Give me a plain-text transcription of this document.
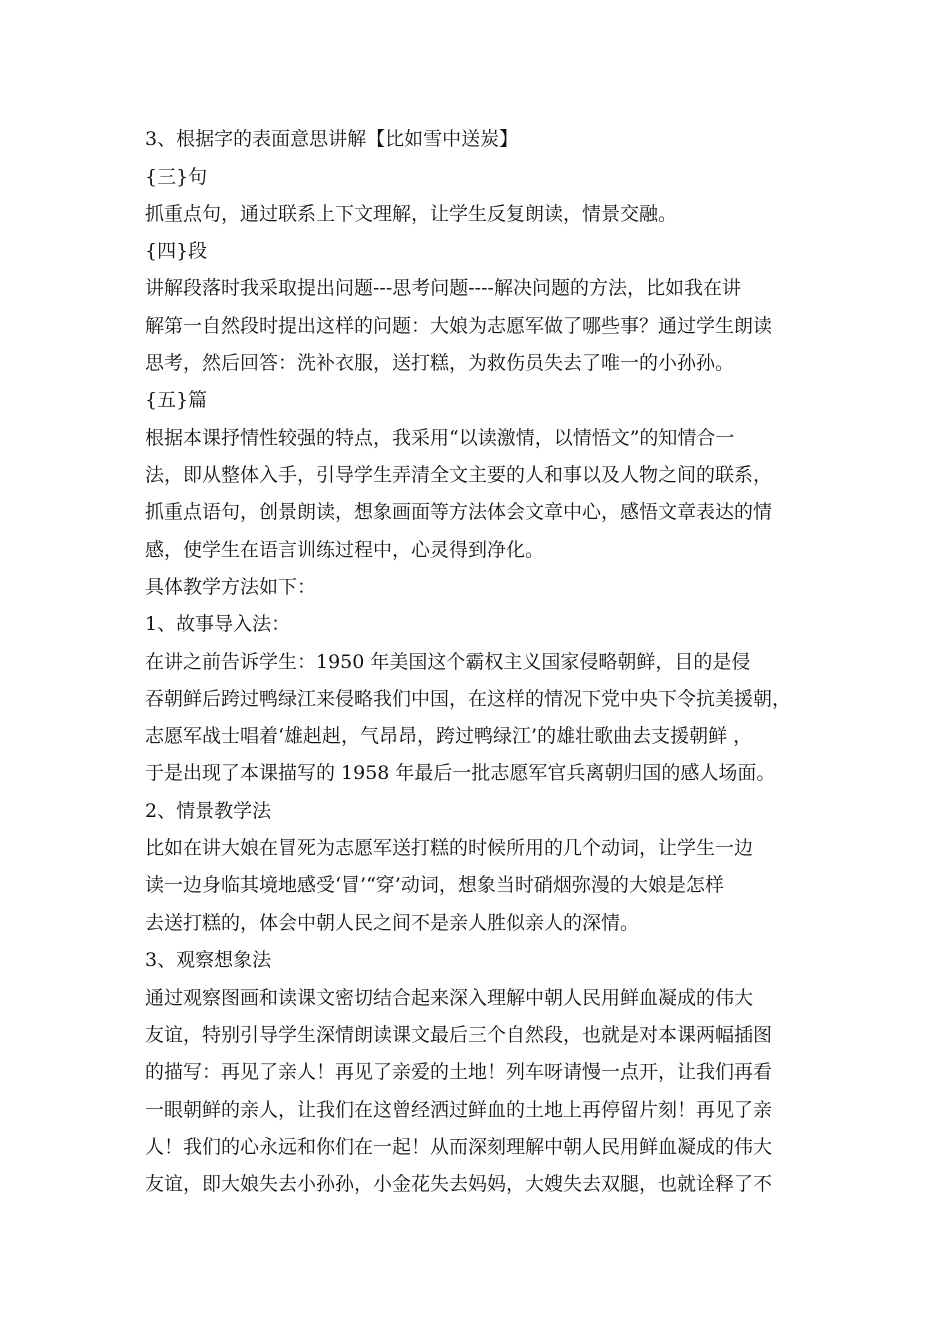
3、根据字的表面意思讲解【比如雪中送炭】
{三}句
抓重点句，通过联系上下文理解，让学生反复朗读，情景交融。
{四}段
讲解段落时我采取提出问题---思考问题----解决问题的方法，比如我在讲
解第一自然段时提出这样的问题：大娘为志愿军做了哪些事？通过学生朗读
思考，然后回答：洗补衣服，送打糕，为救伤员失去了唯一的小孙孙。
{五}篇
根据本课抒情性较强的特点，我采用“以读激情，以情悟文”的知情合一
法，即从整体入手，引导学生弄清全文主要的人和事以及人物之间的联系，
抓重点语句，创景朗读，想象画面等方法体会文章中心，感悟文章表达的情
感，使学生在语言训练过程中，心灵得到净化。
具体教学方法如下：
1、故事导入法：
在讲之前告诉学生：1950 年美国这个霸权主义国家侵略朝鲜，目的是侵
吞朝鲜后跨过鸭绿江来侵略我们中国，在这样的情况下党中央下令抗美援朝，
志愿军战士唱着‘雄赳赳，气昂昂，跨过鸭绿江’的雄壮歌曲去支援朝鲜 ，
于是出现了本课描写的 1958 年最后一批志愿军官兵离朝归国的感人场面。
2、情景教学法
比如在讲大娘在冒死为志愿军送打糕的时候所用的几个动词，让学生一边
读一边身临其境地感受‘冒’“穿’动词，想象当时硝烟弥漫的大娘是怎样
去送打糕的，体会中朝人民之间不是亲人胜似亲人的深情。
3、观察想象法
通过观察图画和读课文密切结合起来深入理解中朝人民用鲜血凝成的伟大
友谊，特别引导学生深情朗读课文最后三个自然段，也就是对本课两幅插图
的描写：再见了亲人！再见了亲爱的土地！列车呀请慢一点开，让我们再看
一眼朝鲜的亲人，让我们在这曾经洒过鲜血的土地上再停留片刻！再见了亲
人！我们的心永远和你们在一起！从而深刻理解中朝人民用鲜血凝成的伟大
友谊，即大娘失去小孙孙，小金花失去妈妈，大嫂失去双腿，也就诠释了不
